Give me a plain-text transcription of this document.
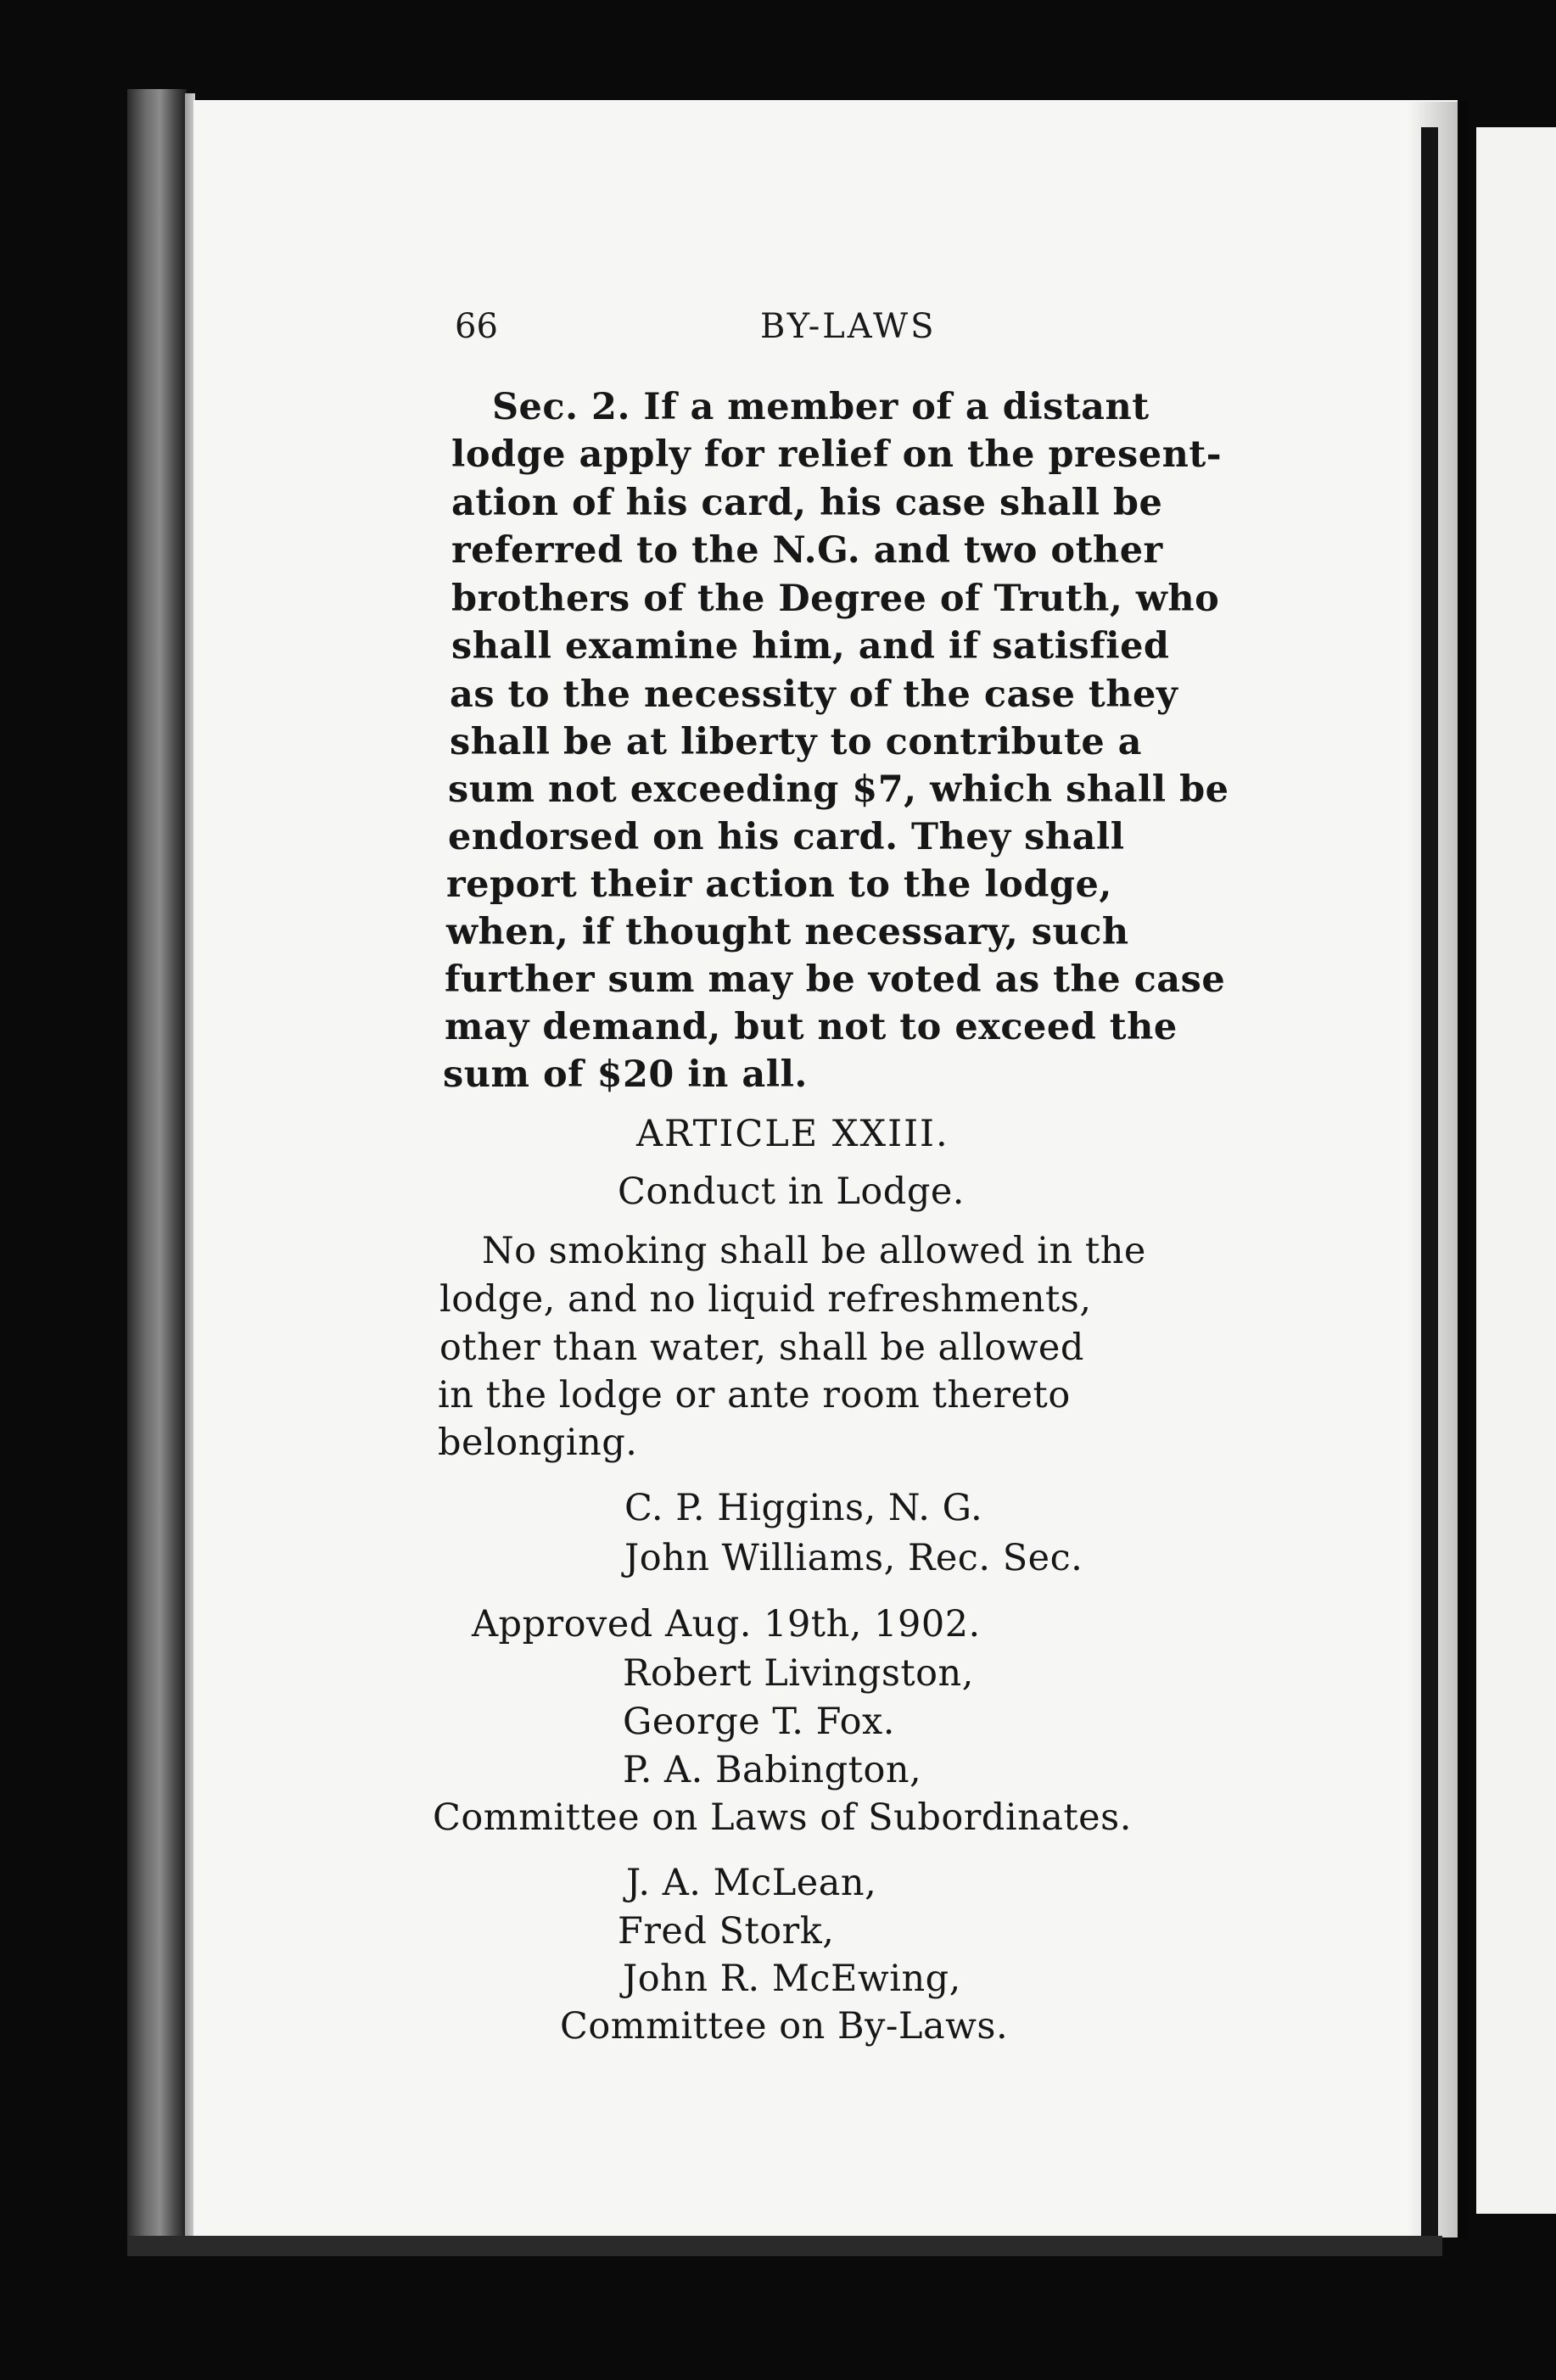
66	BY-LAWS
Sec. 2. If a member of a distant
lodge apply for relief on the present-
ation of his card, his case shall be
referred to the N.G. and two other
brothers of the Degree of Truth, who
shall examine him, and if satisfied
as to the necessity of the case they
shall be at liberty to contribute a
sum not exceeding $7, which shall be
endorsed on his card. They shall
report their action to the lodge,
when, if thought necessary, such
further sum may be voted as the case
may demand, but not to exceed the
sum of $20 in all.
ARTICLE XXIII.
Conduct in Lodge.
No smoking shall be allowed in the
lodge, and no liquid refreshments,
other than water, shall be allowed
in the lodge or ante room thereto
belonging.
C. P. Higgins, N. G.
John Williams, Rec. Sec.
Approved Aug. 19th, 1902.
Robert Livingston,
George T. Fox.
P. A. Babington,
Committee on Laws of Subordinates.
J. A. McLean,
Fred Stork,
John R. McEwing,
Committee on By-Laws.
